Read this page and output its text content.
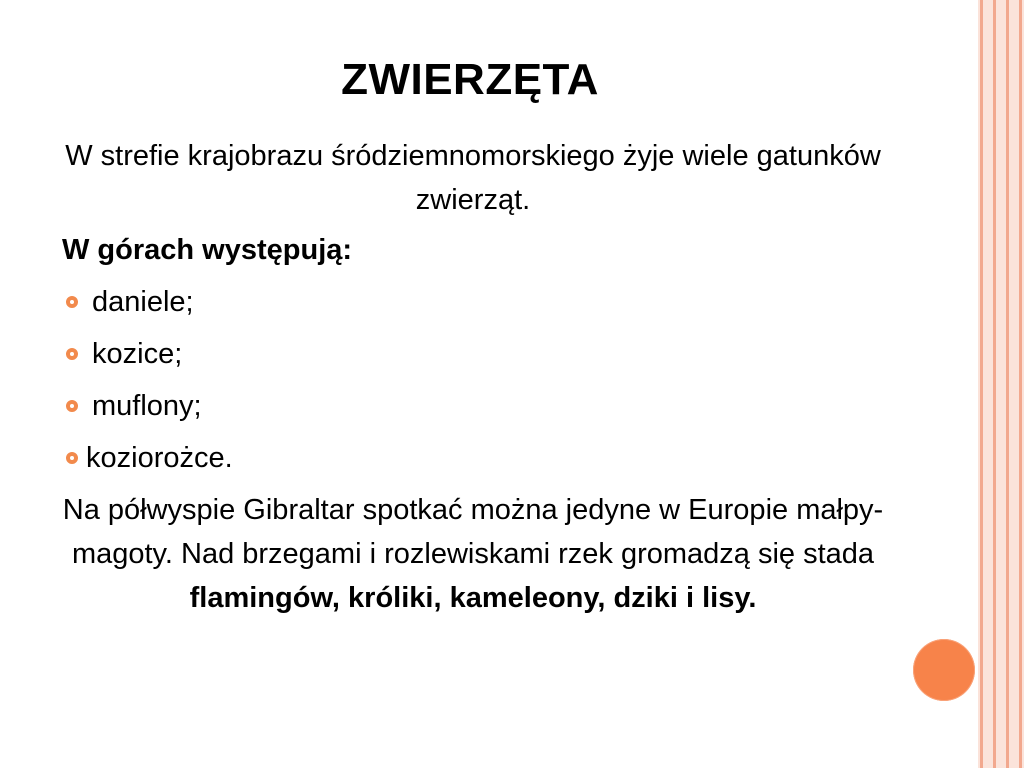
ZWIERZĘTA

W strefie krajobrazu śródziemnomorskiego żyje wiele gatunków zwierząt.

W górach występują:

daniele;
kozice;
muflony;
koziorożce.

Na półwyspie Gibraltar spotkać można jedyne w Europie małpy-magoty. Nad brzegami i rozlewiskami rzek gromadzą się stada flamingów, króliki, kameleony, dziki i lisy.
